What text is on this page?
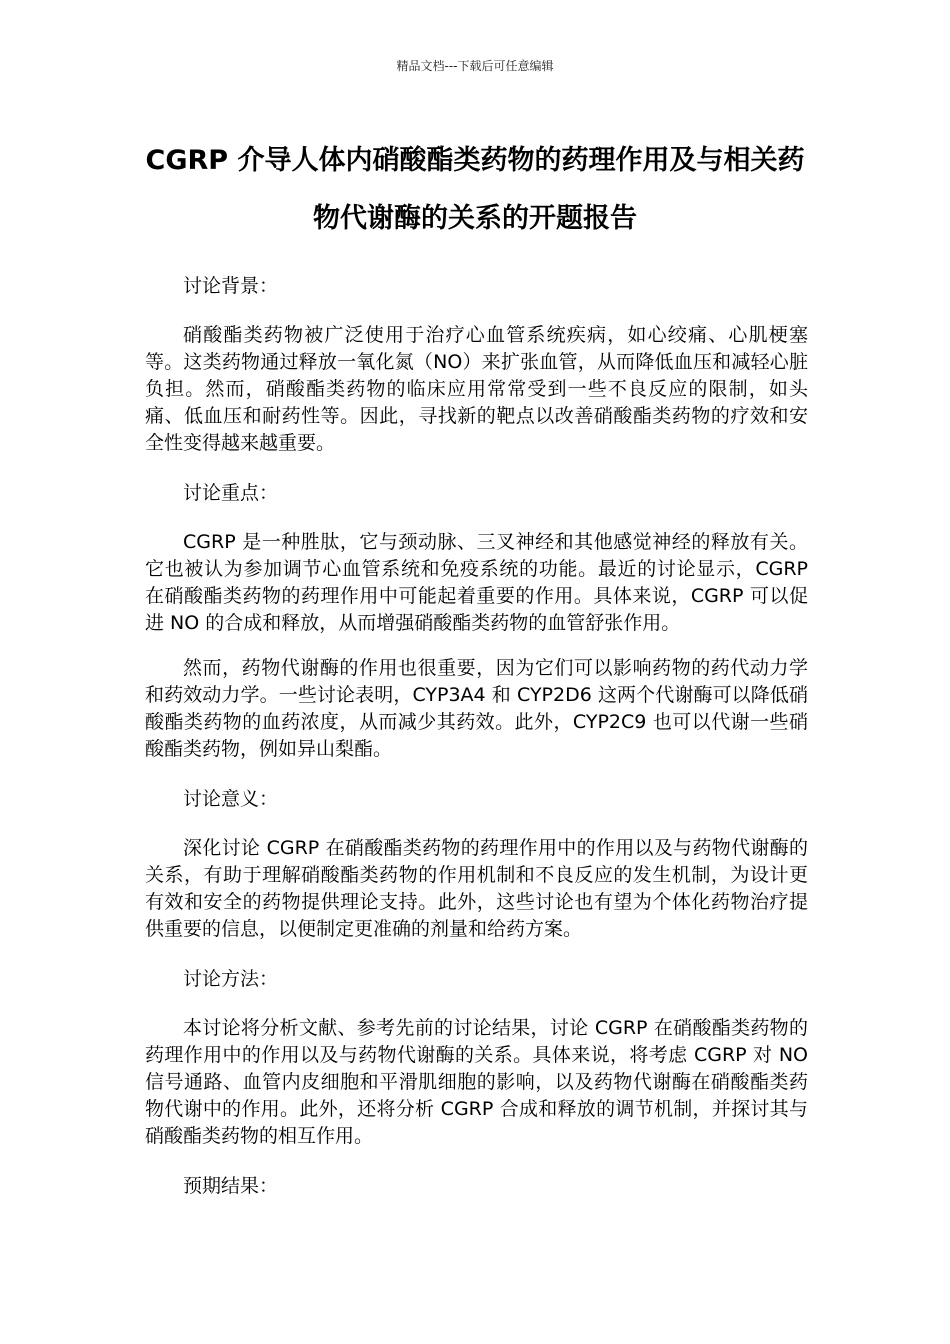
精品文档---下载后可任意编辑
CGRP 介导人体内硝酸酯类药物的药理作用及与相关药物代谢酶的关系的开题报告

讨论背景：

硝酸酯类药物被广泛使用于治疗心血管系统疾病，如心绞痛、心肌梗塞等。这类药物通过释放一氧化氮（NO）来扩张血管，从而降低血压和减轻心脏负担。然而，硝酸酯类药物的临床应用常常受到一些不良反应的限制，如头痛、低血压和耐药性等。因此，寻找新的靶点以改善硝酸酯类药物的疗效和安全性变得越来越重要。

讨论重点：

CGRP 是一种胜肽，它与颈动脉、三叉神经和其他感觉神经的释放有关。它也被认为参加调节心血管系统和免疫系统的功能。最近的讨论显示，CGRP 在硝酸酯类药物的药理作用中可能起着重要的作用。具体来说，CGRP 可以促进 NO 的合成和释放，从而增强硝酸酯类药物的血管舒张作用。

然而，药物代谢酶的作用也很重要，因为它们可以影响药物的药代动力学和药效动力学。一些讨论表明，CYP3A4 和 CYP2D6 这两个代谢酶可以降低硝酸酯类药物的血药浓度，从而减少其药效。此外，CYP2C9 也可以代谢一些硝酸酯类药物，例如异山梨酯。

讨论意义：

深化讨论 CGRP 在硝酸酯类药物的药理作用中的作用以及与药物代谢酶的关系，有助于理解硝酸酯类药物的作用机制和不良反应的发生机制，为设计更有效和安全的药物提供理论支持。此外，这些讨论也有望为个体化药物治疗提供重要的信息，以便制定更准确的剂量和给药方案。

讨论方法：

本讨论将分析文献、参考先前的讨论结果，讨论 CGRP 在硝酸酯类药物的药理作用中的作用以及与药物代谢酶的关系。具体来说，将考虑 CGRP 对 NO 信号通路、血管内皮细胞和平滑肌细胞的影响，以及药物代谢酶在硝酸酯类药物代谢中的作用。此外，还将分析 CGRP 合成和释放的调节机制，并探讨其与硝酸酯类药物的相互作用。

预期结果：
